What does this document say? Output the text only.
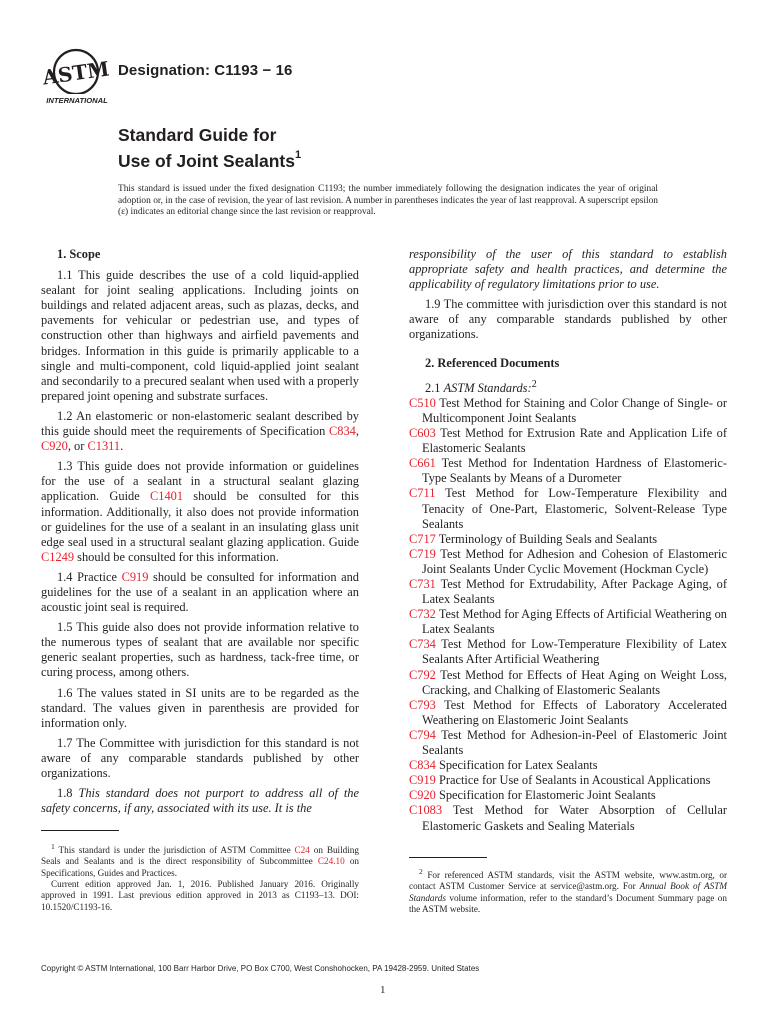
ASTM
INTERNATIONAL
Designation: C1193 − 16
Standard Guide for
Use of Joint Sealants$^1$
This standard is issued under the fixed designation C1193; the number immediately following the designation indicates the year of original adoption or, in the case of revision, the year of last revision. A number in parentheses indicates the year of last reapproval. A superscript epsilon (ε) indicates an editorial change since the last revision or reapproval.
1. Scope

1.1 This guide describes the use of a cold liquid-applied sealant for joint sealing applications. Including joints on buildings and related adjacent areas, such as plazas, decks, and pavements for vehicular or pedestrian use, and types of construction other than highways and airfield pavements and bridges. Information in this guide is primarily applicable to a single and multi-component, cold liquid-applied joint sealant and secondarily to a precured sealant when used with a properly prepared joint opening and substrate surfaces.

1.2 An elastomeric or non-elastomeric sealant described by this guide should meet the requirements of Specification C834, C920, or C1311.

1.3 This guide does not provide information or guidelines for the use of a sealant in a structural sealant glazing application. Guide C1401 should be consulted for this information. Additionally, it also does not provide information or guidelines for the use of a sealant in an insulating glass unit edge seal used in a structural sealant glazing application. Guide C1249 should be consulted for this information.

1.4 Practice C919 should be consulted for information and guidelines for the use of a sealant in an application where an acoustic joint seal is required.

1.5 This guide also does not provide information relative to the numerous types of sealant that are available nor specific generic sealant properties, such as hardness, tack-free time, or curing process, among others.

1.6 The values stated in SI units are to be regarded as the standard. The values given in parenthesis are provided for information only.

1.7 The Committee with jurisdiction for this standard is not aware of any comparable standards published by other organizations.

1.8 This standard does not purport to address all of the safety concerns, if any, associated with its use. It is the

$^1$ This standard is under the jurisdiction of ASTM Committee C24 on Building Seals and Sealants and is the direct responsibility of Subcommittee C24.10 on Specifications, Guides and Practices.

Current edition approved Jan. 1, 2016. Published January 2016. Originally approved in 1991. Last previous edition approved in 2013 as C1193–13. DOI: 10.1520/C1193-16.

responsibility of the user of this standard to establish appropriate safety and health practices, and determine the applicability of regulatory limitations prior to use.

1.9 The committee with jurisdiction over this standard is not aware of any comparable standards published by other organizations.

2. Referenced Documents

2.1 ASTM Standards:$^2$

C510 Test Method for Staining and Color Change of Single- or Multicomponent Joint Sealants
C603 Test Method for Extrusion Rate and Application Life of Elastomeric Sealants
C661 Test Method for Indentation Hardness of Elastomeric-Type Sealants by Means of a Durometer
C711 Test Method for Low-Temperature Flexibility and Tenacity of One-Part, Elastomeric, Solvent-Release Type Sealants
C717 Terminology of Building Seals and Sealants
C719 Test Method for Adhesion and Cohesion of Elastomeric Joint Sealants Under Cyclic Movement (Hockman Cycle)
C731 Test Method for Extrudability, After Package Aging, of Latex Sealants
C732 Test Method for Aging Effects of Artificial Weathering on Latex Sealants
C734 Test Method for Low-Temperature Flexibility of Latex Sealants After Artificial Weathering
C792 Test Method for Effects of Heat Aging on Weight Loss, Cracking, and Chalking of Elastomeric Sealants
C793 Test Method for Effects of Laboratory Accelerated Weathering on Elastomeric Joint Sealants
C794 Test Method for Adhesion-in-Peel of Elastomeric Joint Sealants
C834 Specification for Latex Sealants
C919 Practice for Use of Sealants in Acoustical Applications
C920 Specification for Elastomeric Joint Sealants
C1083 Test Method for Water Absorption of Cellular Elastomeric Gaskets and Sealing Materials

$^2$ For referenced ASTM standards, visit the ASTM website, www.astm.org, or contact ASTM Customer Service at service@astm.org. For Annual Book of ASTM Standards volume information, refer to the standard’s Document Summary page on the ASTM website.

Copyright © ASTM International, 100 Barr Harbor Drive, PO Box C700, West Conshohocken, PA 19428-2959. United States
1
